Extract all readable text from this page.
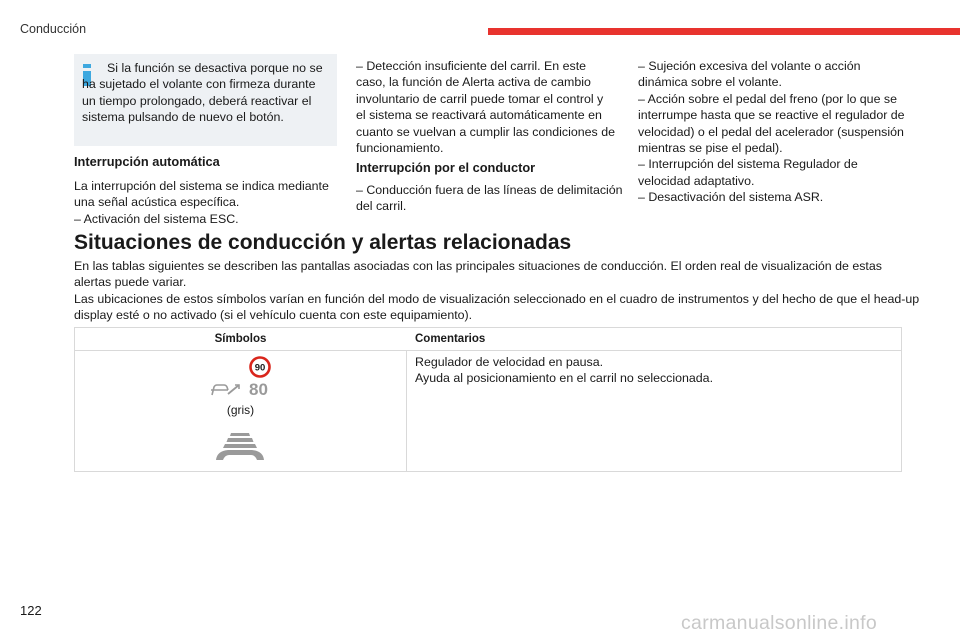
Conducción
Si la función se desactiva porque no se ha sujetado el volante con firmeza durante un tiempo prolongado, deberá reactivar el sistema pulsando de nuevo el botón.
Interrupción automática
La interrupción del sistema se indica mediante
una señal acústica específica.
– Activación del sistema ESC.
– Detección insuficiente del carril. En este
caso, la función de Alerta activa de cambio
involuntario de carril puede tomar el control y
el sistema se reactivará automáticamente en
cuanto se vuelvan a cumplir las condiciones de
funcionamiento.
Interrupción por el conductor
– Conducción fuera de las líneas de delimitación
del carril.
– Sujeción excesiva del volante o acción
dinámica sobre el volante.
– Acción sobre el pedal del freno (por lo que se
interrumpe hasta que se reactive el regulador de
velocidad) o el pedal del acelerador (suspensión
mientras se pise el pedal).
– Interrupción del sistema Regulador de
velocidad adaptativo.
– Desactivación del sistema ASR.
Situaciones de conducción y alertas relacionadas
En las tablas siguientes se describen las pantallas asociadas con las principales situaciones de conducción. El orden real de visualización de estas
alertas puede variar.
Las ubicaciones de estos símbolos varían en función del modo de visualización seleccionado en el cuadro de instrumentos y del hecho de que el head-up
display esté o no activado (si el vehículo cuenta con este equipamiento).
Símbolos	Comentarios
90
80
(gris)
Regulador de velocidad en pausa.
Ayuda al posicionamiento en el carril no seleccionada.
122
carmanualsonline.info
